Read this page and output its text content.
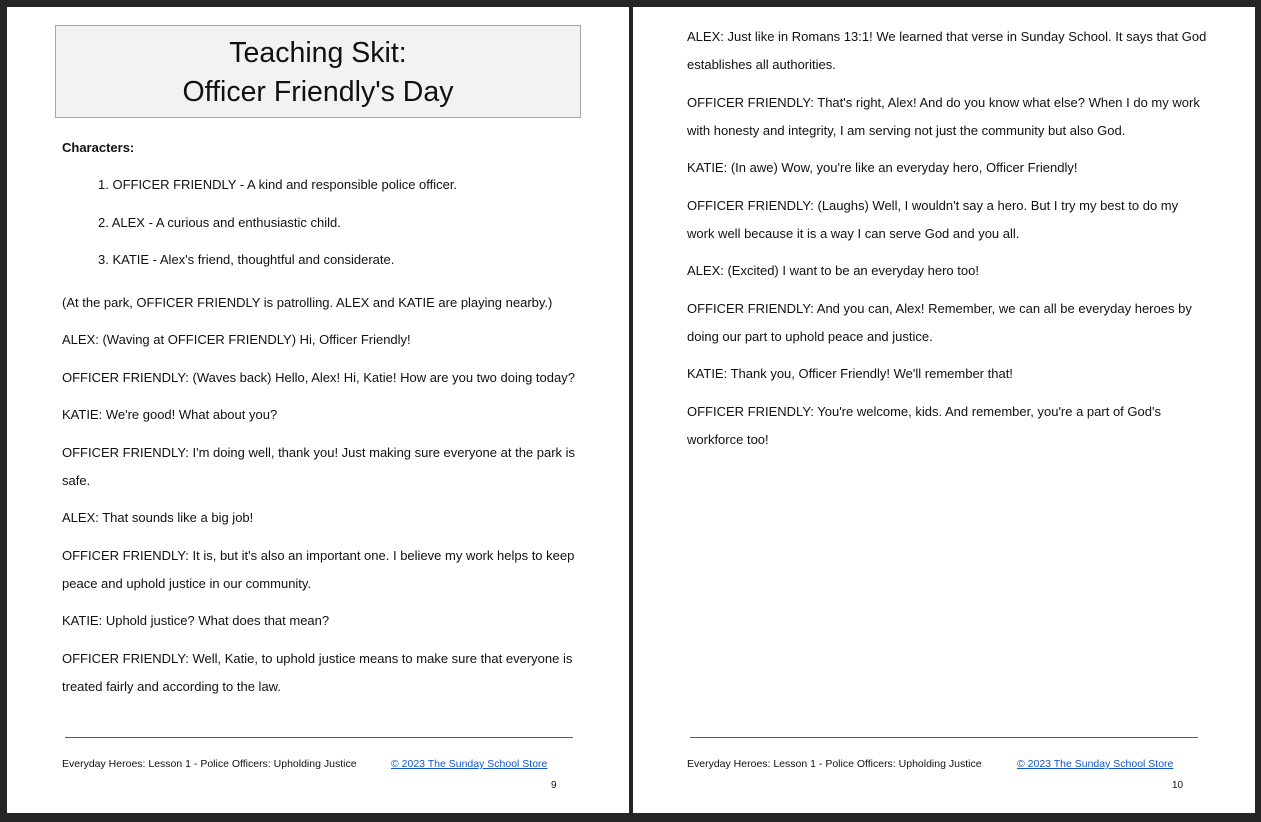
Teaching Skit:
Officer Friendly's Day
Characters:
1. OFFICER FRIENDLY - A kind and responsible police officer.
2. ALEX - A curious and enthusiastic child.
3. KATIE - Alex's friend, thoughtful and considerate.

(At the park, OFFICER FRIENDLY is patrolling. ALEX and KATIE are playing nearby.)

ALEX: (Waving at OFFICER FRIENDLY) Hi, Officer Friendly!

OFFICER FRIENDLY: (Waves back) Hello, Alex! Hi, Katie! How are you two doing today?

KATIE: We're good! What about you?

OFFICER FRIENDLY: I'm doing well, thank you! Just making sure everyone at the park is safe.

ALEX: That sounds like a big job!

OFFICER FRIENDLY: It is, but it's also an important one. I believe my work helps to keep peace and uphold justice in our community.

KATIE: Uphold justice? What does that mean?

OFFICER FRIENDLY: Well, Katie, to uphold justice means to make sure that everyone is treated fairly and according to the law.

Everyday Heroes: Lesson 1 - Police Officers: Upholding Justice	© 2023 The Sunday School Store
9

ALEX: Just like in Romans 13:1! We learned that verse in Sunday School. It says that God establishes all authorities.

OFFICER FRIENDLY: That's right, Alex! And do you know what else? When I do my work with honesty and integrity, I am serving not just the community but also God.

KATIE: (In awe) Wow, you're like an everyday hero, Officer Friendly!

OFFICER FRIENDLY: (Laughs) Well, I wouldn't say a hero. But I try my best to do my work well because it is a way I can serve God and you all.

ALEX: (Excited) I want to be an everyday hero too!

OFFICER FRIENDLY: And you can, Alex! Remember, we can all be everyday heroes by doing our part to uphold peace and justice.

KATIE: Thank you, Officer Friendly! We'll remember that!

OFFICER FRIENDLY: You're welcome, kids. And remember, you're a part of God's workforce too!

Everyday Heroes: Lesson 1 - Police Officers: Upholding Justice	© 2023 The Sunday School Store
10
